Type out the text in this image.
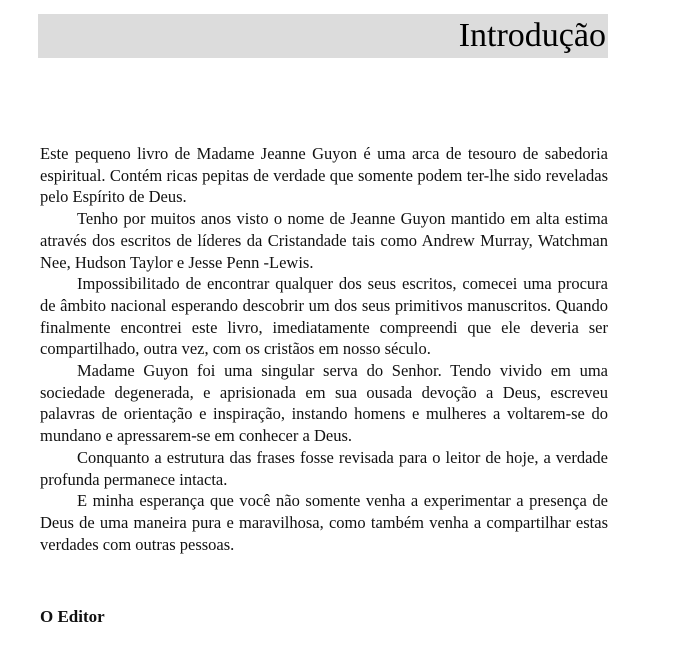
Introdução

Este pequeno livro de Madame Jeanne Guyon é uma arca de tesouro de sabedoria espiritual. Contém ricas pepitas de verdade que somente podem ter-lhe sido reveladas pelo Espírito de Deus.

Tenho por muitos anos visto o nome de Jeanne Guyon mantido em alta estima através dos escritos de líderes da Cristandade tais como Andrew Murray, Watchman Nee, Hudson Taylor e Jesse Penn -Lewis.

Impossibilitado de encontrar qualquer dos seus escritos, comecei uma procura de âmbito nacional esperando descobrir um dos seus primitivos manuscritos. Quando finalmente encontrei este livro, imediatamente compreendi que ele deveria ser compartilhado, outra vez, com os cristãos em nosso século.

Madame Guyon foi uma singular serva do Senhor. Tendo vivido em uma sociedade degenerada, e aprisionada em sua ousada devoção a Deus, escreveu palavras de orientação e inspiração, instando homens e mulheres a voltarem-se do mundano e apressarem-se em conhecer a Deus.

Conquanto a estrutura das frases fosse revisada para o leitor de hoje, a verdade profunda permanece intacta.

E minha esperança que você não somente venha a experimentar a presença de Deus de uma maneira pura e maravilhosa, como também venha a compartilhar estas verdades com outras pessoas.

O Editor
